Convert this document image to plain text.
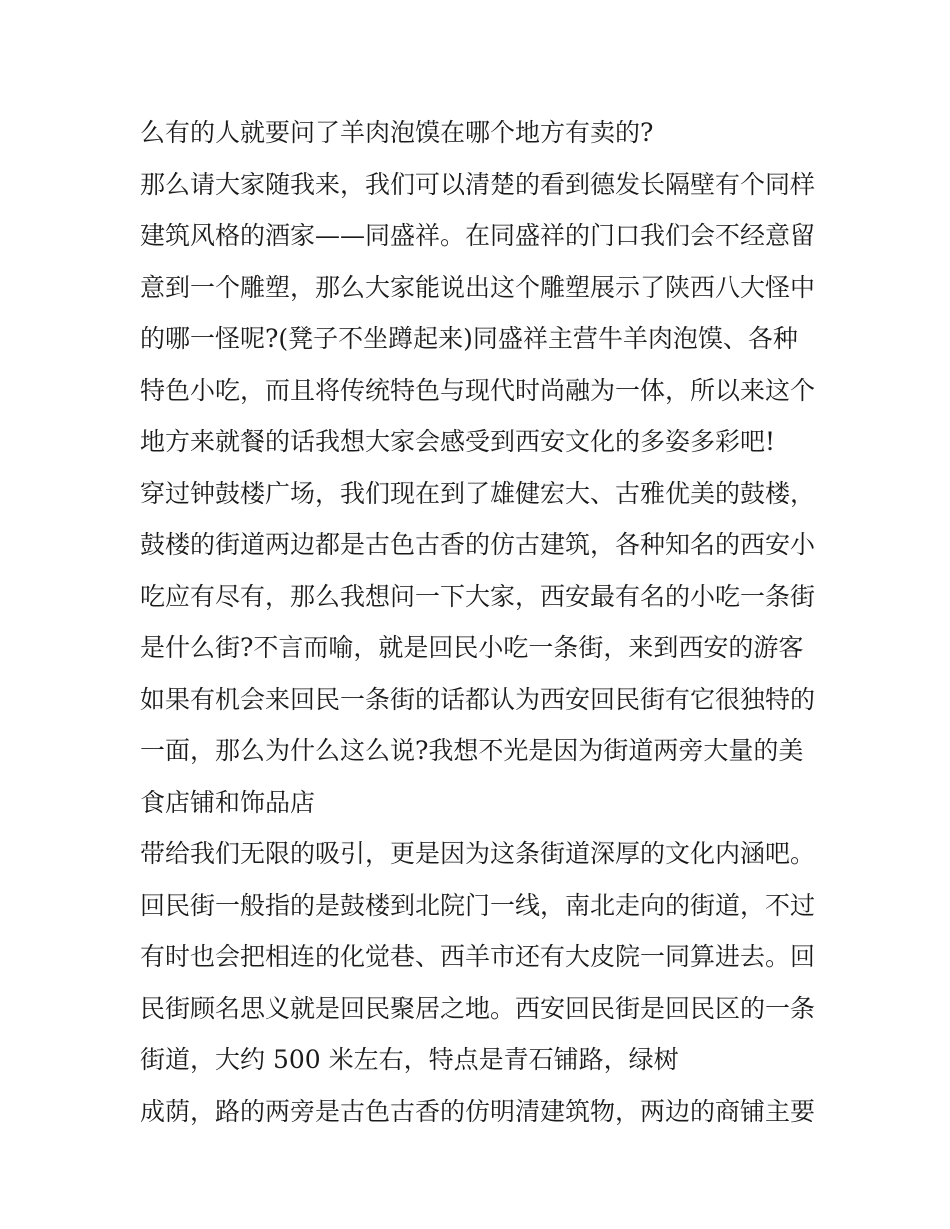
么有的人就要问了羊肉泡馍在哪个地方有卖的?
那么请大家随我来，我们可以清楚的看到德发长隔壁有个同样
建筑风格的酒家——同盛祥。在同盛祥的门口我们会不经意留
意到一个雕塑，那么大家能说出这个雕塑展示了陕西八大怪中
的哪一怪呢?(凳子不坐蹲起来)同盛祥主营牛羊肉泡馍、各种
特色小吃，而且将传统特色与现代时尚融为一体，所以来这个
地方来就餐的话我想大家会感受到西安文化的多姿多彩吧!
穿过钟鼓楼广场，我们现在到了雄健宏大、古雅优美的鼓楼，
鼓楼的街道两边都是古色古香的仿古建筑，各种知名的西安小
吃应有尽有，那么我想问一下大家，西安最有名的小吃一条街
是什么街?不言而喻，就是回民小吃一条街，来到西安的游客
如果有机会来回民一条街的话都认为西安回民街有它很独特的
一面，那么为什么这么说?我想不光是因为街道两旁大量的美
食店铺和饰品店
带给我们无限的吸引，更是因为这条街道深厚的文化内涵吧。
回民街一般指的是鼓楼到北院门一线，南北走向的街道，不过
有时也会把相连的化觉巷、西羊市还有大皮院一同算进去。回
民街顾名思义就是回民聚居之地。西安回民街是回民区的一条
街道，大约 500 米左右，特点是青石铺路，绿树
成荫，路的两旁是古色古香的仿明清建筑物，两边的商铺主要
